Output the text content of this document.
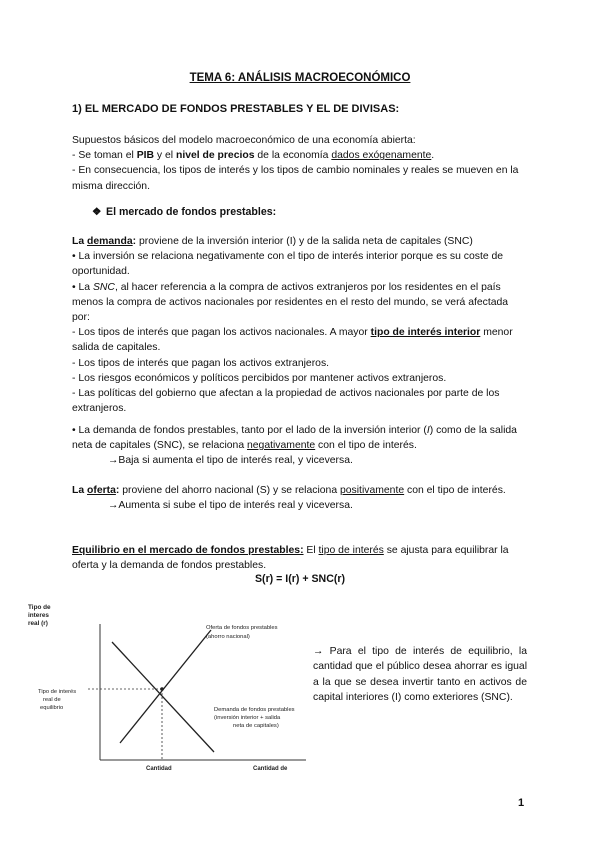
TEMA 6: ANÁLISIS MACROECONÓMICO
1) EL MERCADO DE FONDOS PRESTABLES Y EL DE DIVISAS:

Supuestos básicos del modelo macroeconómico de una economía abierta:

- Se toman el PIB y el nivel de precios de la economía dados exógenamente.

- En consecuencia, los tipos de interés y los tipos de cambio nominales y reales se mueven en la misma dirección.

❖ El mercado de fondos prestables:

La demanda: proviene de la inversión interior (I) y de la salida neta de capitales (SNC)

• La inversión se relaciona negativamente con el tipo de interés interior porque es su coste de oportunidad.

• La SNC, al hacer referencia a la compra de activos extranjeros por los residentes en el país menos la compra de activos nacionales por residentes en el resto del mundo, se verá afectada por:

- Los tipos de interés que pagan los activos nacionales. A mayor tipo de interés interior menor salida de capitales.

- Los tipos de interés que pagan los activos extranjeros.

- Los riesgos económicos y políticos percibidos por mantener activos extranjeros.

- Las políticas del gobierno que afectan a la propiedad de activos nacionales por parte de los extranjeros.

• La demanda de fondos prestables, tanto por el lado de la inversión interior (I) como de la salida neta de capitales (SNC), se relaciona negativamente con el tipo de interés.

→Baja si aumenta el tipo de interés real, y viceversa.

La oferta: proviene del ahorro nacional (S) y se relaciona positivamente con el tipo de interés.

→Aumenta si sube el tipo de interés real y viceversa.

Equilibrio en el mercado de fondos prestables: El tipo de interés se ajusta para equilibrar la oferta y la demanda de fondos prestables.

S(r) = I(r) + SNC(r)
Tipo de
interes
real (r)
Tipo de interés
real de
equilibrio
Oferta de fondos prestables
(ahorro nacional)
Demanda de fondos prestables
(inversión interior + salida
neta de capitales)
Cantidad	Cantidad de
→ Para el tipo de interés de equilibrio, la cantidad que el público desea ahorrar es igual a la que se desea invertir tanto en activos de capital interiores (I) como exteriores (SNC).
1
